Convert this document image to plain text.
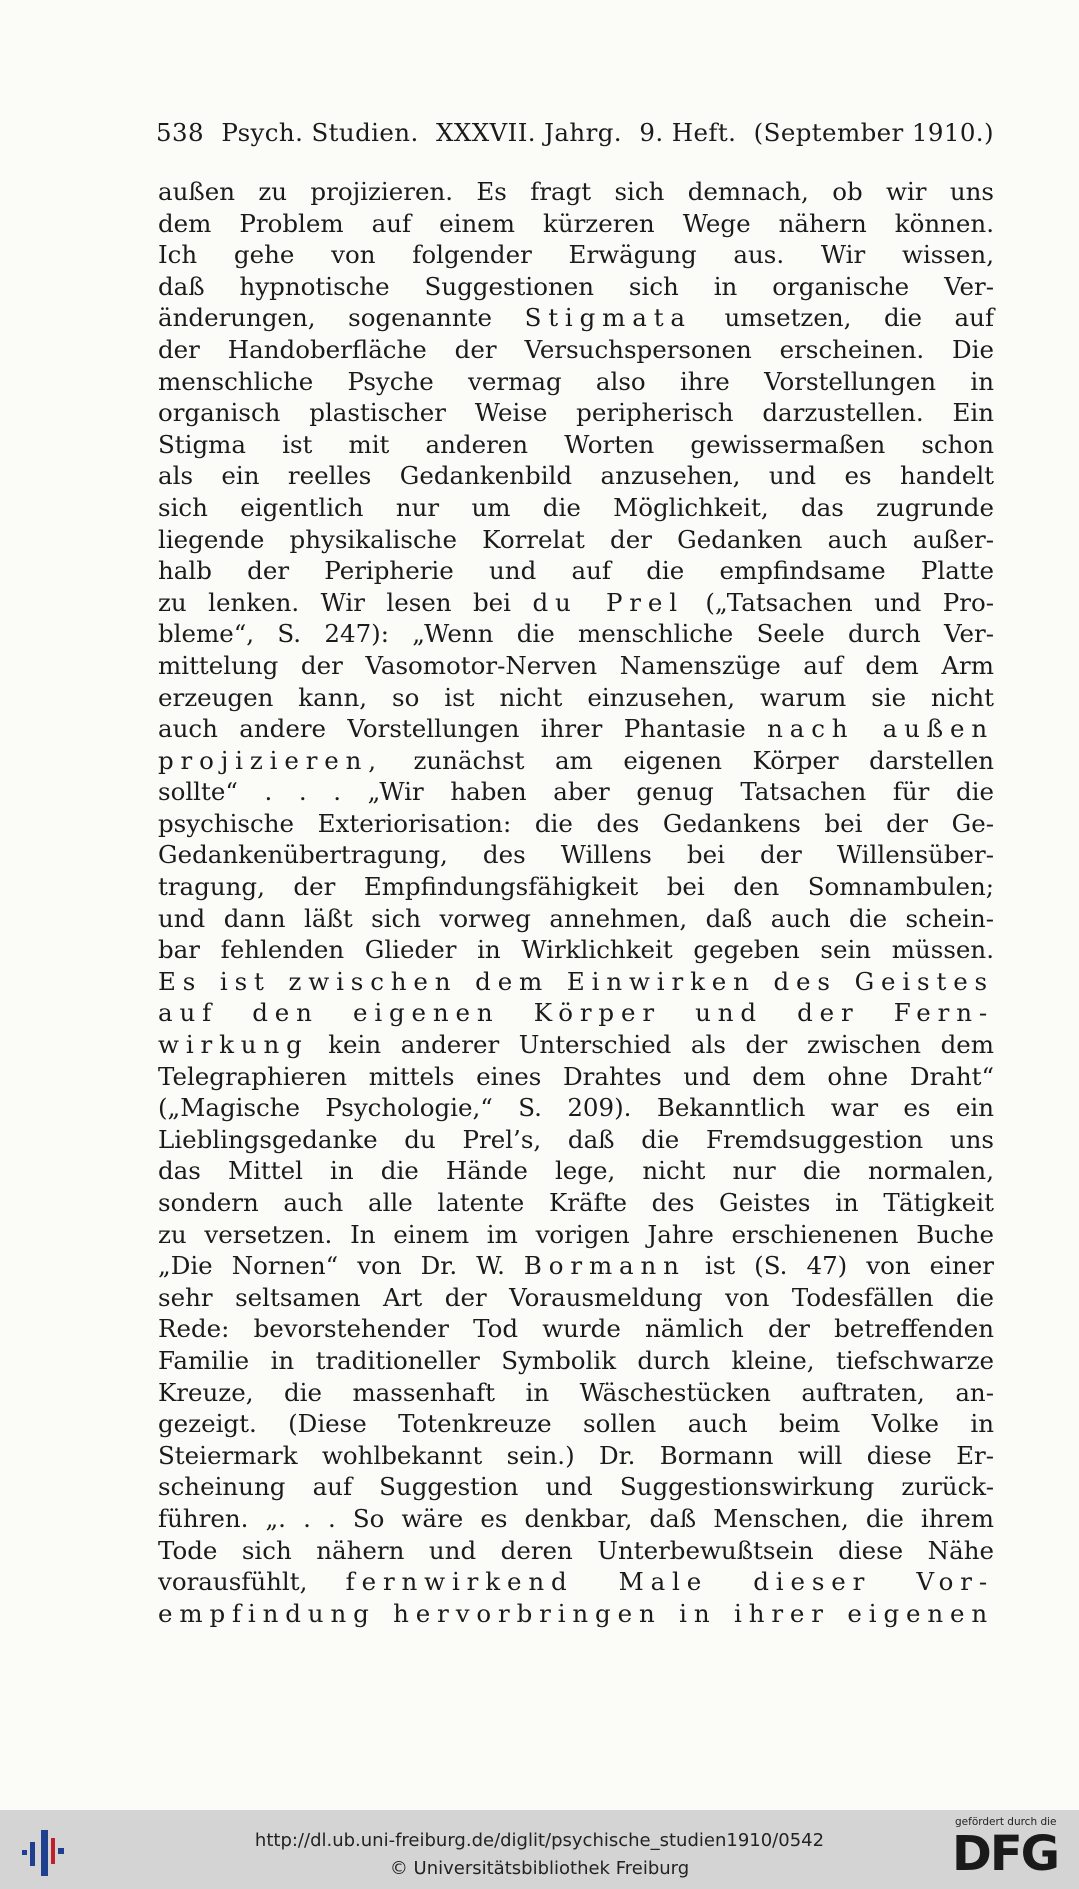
538 Psych. Studien. XXXVII. Jahrg. 9. Heft. (September 1910.)
außen zu projizieren. Es fragt sich demnach, ob wir uns
dem Problem auf einem kürzeren Wege nähern können.
Ich gehe von folgender Erwägung aus. Wir wissen,
daß hypnotische Suggestionen sich in organische Ver-
änderungen, sogenannte Stigmata umsetzen, die auf
der Handoberfläche der Versuchspersonen erscheinen. Die
menschliche Psyche vermag also ihre Vorstellungen in
organisch plastischer Weise peripherisch darzustellen. Ein
Stigma ist mit anderen Worten gewissermaßen schon
als ein reelles Gedankenbild anzusehen, und es handelt
sich eigentlich nur um die Möglichkeit, das zugrunde
liegende physikalische Korrelat der Gedanken auch außer-
halb der Peripherie und auf die empfindsame Platte
zu lenken. Wir lesen bei du Prel („Tatsachen und Pro-
bleme“, S. 247): „Wenn die menschliche Seele durch Ver-
mittelung der Vasomotor-Nerven Namenszüge auf dem Arm
erzeugen kann, so ist nicht einzusehen, warum sie nicht
auch andere Vorstellungen ihrer Phantasie nach außen
projizieren, zunächst am eigenen Körper darstellen
sollte“ . . . „Wir haben aber genug Tatsachen für die
psychische Exteriorisation: die des Gedankens bei der Ge-
Gedankenübertragung, des Willens bei der Willensüber-
tragung, der Empfindungsfähigkeit bei den Somnambulen;
und dann läßt sich vorweg annehmen, daß auch die schein-
bar fehlenden Glieder in Wirklichkeit gegeben sein müssen.
Es ist zwischen dem Einwirken des Geistes
auf den eigenen Körper und der Fern-
wirkung kein anderer Unterschied als der zwischen dem
Telegraphieren mittels eines Drahtes und dem ohne Draht“
(„Magische Psychologie,“ S. 209). Bekanntlich war es ein
Lieblingsgedanke du Prel’s, daß die Fremdsuggestion uns
das Mittel in die Hände lege, nicht nur die normalen,
sondern auch alle latente Kräfte des Geistes in Tätigkeit
zu versetzen. In einem im vorigen Jahre erschienenen Buche
„Die Nornen“ von Dr. W. Bormann ist (S. 47) von einer
sehr seltsamen Art der Vorausmeldung von Todesfällen die
Rede: bevorstehender Tod wurde nämlich der betreffenden
Familie in traditioneller Symbolik durch kleine, tiefschwarze
Kreuze, die massenhaft in Wäschestücken auftraten, an-
gezeigt. (Diese Totenkreuze sollen auch beim Volke in
Steiermark wohlbekannt sein.) Dr. Bormann will diese Er-
scheinung auf Suggestion und Suggestionswirkung zurück-
führen. „. . . So wäre es denkbar, daß Menschen, die ihrem
Tode sich nähern und deren Unterbewußtsein diese Nähe
vorausfühlt, fernwirkend Male dieser Vor-
empfindung hervorbringen in ihrer eigenen
http://dl.ub.uni-freiburg.de/diglit/psychische_studien1910/0542
© Universitätsbibliothek Freiburg
gefördert durch die
DFG
